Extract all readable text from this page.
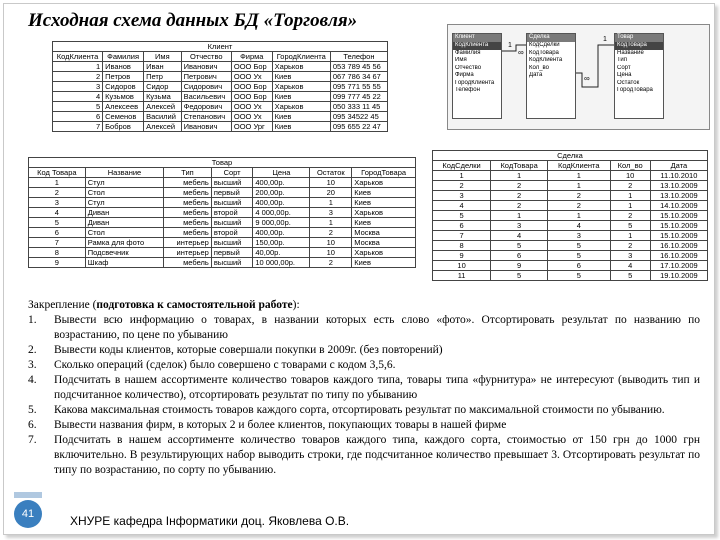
Исходная схема данных БД «Торговля»
Клиент						
КодКлиента	Фамилия	Имя	Отчество	Фирма	ГородКлиента	Телефон
1	Иванов	Иван	Иванович	ООО Бор	Харьков	053 789 45 56
2	Петров	Петр	Петрович	ООО Ух	Киев	067 786 34 67
3	Сидоров	Сидор	Сидорович	ООО Бор	Харьков	095 771 55 55
4	Кузьмов	Кузьма	Васильевич	ООО Бор	Киев	099 777 45 22
5	Алексеев	Алексей	Федорович	ООО Ух	Харьков	050 333 11 45
6	Семенов	Василий	Степанович	ООО Ух	Киев	095 34522 45
7	Бобров	Алексей	Иванович	ООО Ург	Киев	095 655 22 47
1
∞
1
∞
Клиент
КодКлиента
Фамилия
Имя
Отчество
Фирма
ГородКлиента
Телефон
Сделка
КодСделки
КодТовара
КодКлиента
Кол_во
Дата
Товар
КодТовара
Название
Тип
Сорт
Цена
Остаток
ГородТовара
Товар						
Код Товара	Название	Тип	Сорт	Цена	Остаток	ГородТовара
1	Стул	мебель	высший	400,00р.	10	Харьков
2	Стол	мебель	первый	200,00р.	20	Киев
3	Стул	мебель	высший	400,00р.	1	Киев
4	Диван	мебель	второй	4 000,00р.	3	Харьков
5	Диван	мебель	высший	9 000,00р.	1	Киев
6	Стол	мебель	второй	400,00р.	2	Москва
7	Рамка для фото	интерьер	высший	150,00р.	10	Москва
8	Подсвечник	интерьер	первый	40,00р.	10	Харьков
9	Шкаф	мебель	высший	10 000,00р.	2	Киев
Сделка				
КодСделки	КодТовара	КодКлиента	Кол_во	Дата
1	1	1	10	11.10.2010
2	2	1	2	13.10.2009
3	2	2	1	13.10.2009
4	2	2	1	14.10.2009
5	1	1	2	15.10.2009
6	3	4	5	15.10.2009
7	4	3	1	15.10.2009
8	5	5	2	16.10.2009
9	6	5	3	16.10.2009
10	9	6	4	17.10.2009
11	5	5	5	19.10.2009
Закрепление (подготовка к самостоятельной работе):
1.	Вывести всю информацию о товарах, в названии которых есть слово «фото». Отсортировать результат по названию по возрастанию, по цене по убыванию
2.	Вывести коды клиентов, которые совершали покупки в 2009г. (без повторений)
3.	Сколько операций (сделок) было совершено с товарами с кодом 3,5,6.
4.	Подсчитать в нашем ассортименте количество товаров каждого типа, товары типа «фурнитура» не интересуют (выводить тип и подсчитанное количество), отсортировать результат по типу по убыванию
5.	Какова максимальная стоимость товаров каждого сорта, отсортировать результат по максимальной стоимости по убыванию.
6.	Вывести названия фирм, в которых 2 и более клиентов, покупающих товары в нашей фирме
7.	Подсчитать в нашем ассортименте количество товаров каждого типа, каждого сорта, стоимостью от 150 грн до 1000 грн включительно. В результирующих набор выводить строки, где подсчитанное количество превышает 3. Отсортировать результат по типу по возрастанию, по сорту по убыванию.
41	ХНУРЕ кафедра Інформатики доц. Яковлева О.В.
